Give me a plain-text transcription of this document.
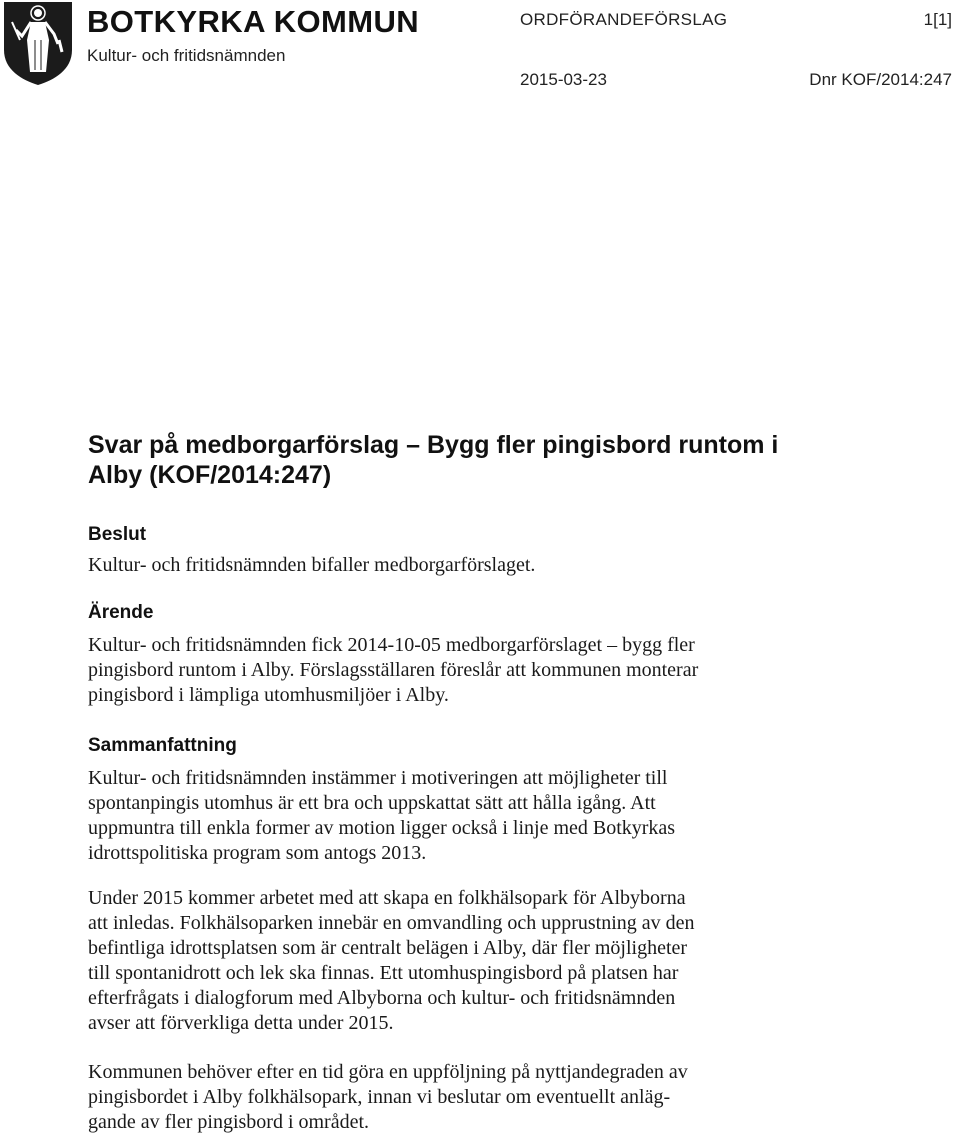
BOTKYRKA KOMMUN
Kultur- och fritidsnämnden
ORDFÖRANDEFÖRSLAG	1[1]
2015-03-23	Dnr KOF/2014:247
Svar på medborgarförslag – Bygg fler pingisbord runtom i
Alby (KOF/2014:247)
Beslut
Kultur- och fritidsnämnden bifaller medborgarförslaget.
Ärende
Kultur- och fritidsnämnden fick 2014-10-05 medborgarförslaget – bygg fler
pingisbord runtom i Alby. Förslagsställaren föreslår att kommunen monterar
pingisbord i lämpliga utomhusmiljöer i Alby.
Sammanfattning
Kultur- och fritidsnämnden instämmer i motiveringen att möjligheter till
spontanpingis utomhus är ett bra och uppskattat sätt att hålla igång. Att
uppmuntra till enkla former av motion ligger också i linje med Botkyrkas
idrottspolitiska program som antogs 2013.
Under 2015 kommer arbetet med att skapa en folkhälsopark för Albyborna
att inledas. Folkhälsoparken innebär en omvandling och upprustning av den
befintliga idrottsplatsen som är centralt belägen i Alby, där fler möjligheter
till spontanidrott och lek ska finnas. Ett utomhuspingisbord på platsen har
efterfrågats i dialogforum med Albyborna och kultur- och fritidsnämnden
avser att förverkliga detta under 2015.
Kommunen behöver efter en tid göra en uppföljning på nyttjandegraden av
pingisbordet i Alby folkhälsopark, innan vi beslutar om eventuellt anläg-
gande av fler pingisbord i området.
